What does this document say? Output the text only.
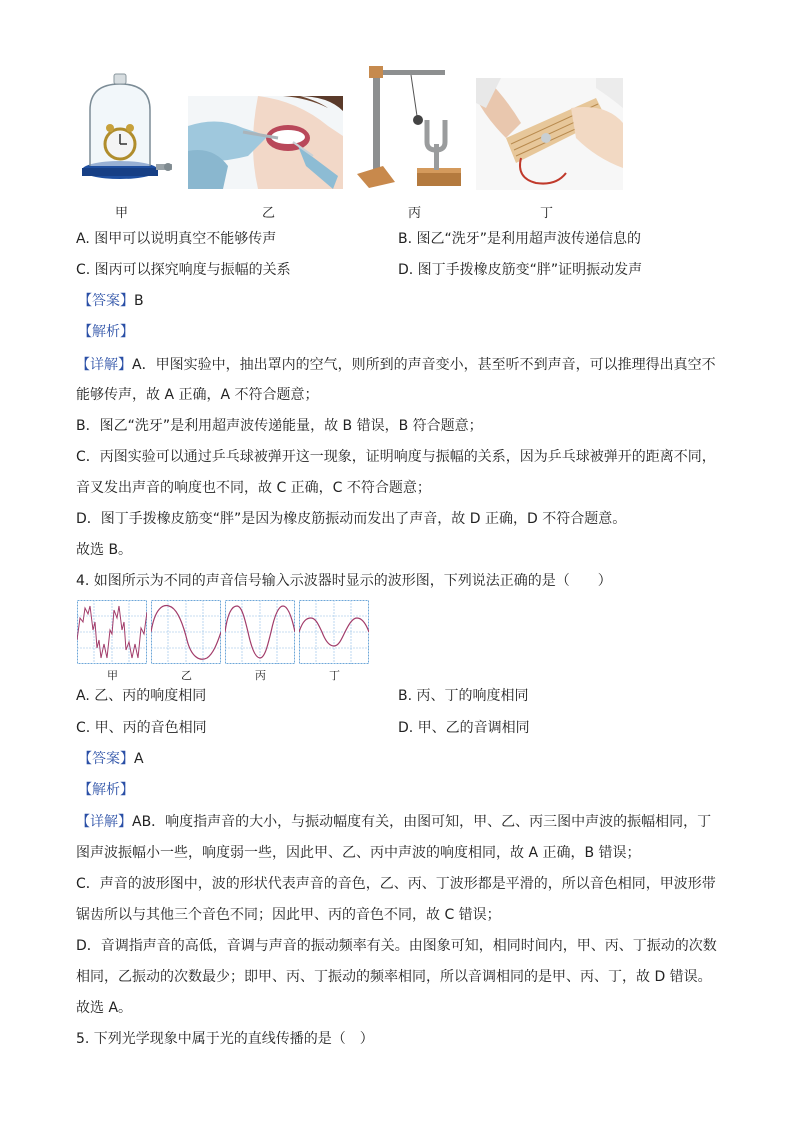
甲	乙	丙	丁
A. 图甲可以说明真空不能够传声	B. 图乙“洗牙”是利用超声波传递信息的
C. 图丙可以探究响度与振幅的关系	D. 图丁手拨橡皮筋变“胖”证明振动发声
【答案】B
【解析】
【详解】A．甲图实验中，抽出罩内的空气，则所到的声音变小，甚至听不到声音，可以推理得出真空不
能够传声，故 A 正确，A 不符合题意；
B．图乙“洗牙”是利用超声波传递能量，故 B 错误，B 符合题意；
C．丙图实验可以通过乒乓球被弹开这一现象，证明响度与振幅的关系，因为乒乓球被弹开的距离不同，
音叉发出声音的响度也不同，故 C 正确，C 不符合题意；
D．图丁手拨橡皮筋变“胖”是因为橡皮筋振动而发出了声音，故 D 正确，D 不符合题意。
故选 B。
4. 如图所示为不同的声音信号输入示波器时显示的波形图，下列说法正确的是（　　）
甲	乙	丙	丁
A. 乙、丙的响度相同	B. 丙、丁的响度相同
C. 甲、丙的音色相同	D. 甲、乙的音调相同
【答案】A
【解析】
【详解】AB．响度指声音的大小，与振动幅度有关，由图可知，甲、乙、丙三图中声波的振幅相同，丁
图声波振幅小一些，响度弱一些，因此甲、乙、丙中声波的响度相同，故 A 正确，B 错误；
C．声音的波形图中，波的形状代表声音的音色，乙、丙、丁波形都是平滑的，所以音色相同，甲波形带
锯齿所以与其他三个音色不同；因此甲、丙的音色不同，故 C 错误；
D．音调指声音的高低，音调与声音的振动频率有关。由图象可知，相同时间内，甲、丙、丁振动的次数
相同，乙振动的次数最少；即甲、丙、丁振动的频率相同，所以音调相同的是甲、丙、丁，故 D 错误。
故选 A。
5. 下列光学现象中属于光的直线传播的是（　）
